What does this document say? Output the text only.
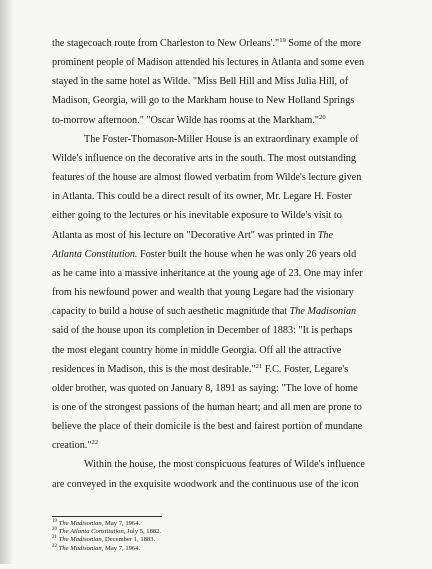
the stagecoach route from Charleston to New Orleans'."$^{19}$ Some of the more
prominent people of Madison attended his lectures in Atlanta and some even
stayed in the same hotel as Wilde. "Miss Bell Hill and Miss Julia Hill, of
Madison, Georgia, will go to the Markham house to New Holland Springs
to-morrow afternoon." "Oscar Wilde has rooms at the Markham."$^{20}$
The Foster-Thomason-Miller House is an extraordinary example of
Wilde's influence on the decorative arts in the south. The most outstanding
features of the house are almost flowed verbatim from Wilde's lecture given
in Atlanta. This could be a direct result of its owner, Mr. Legare H. Foster
either going to the lectures or his inevitable exposure to Wilde's visit to
Atlanta as most of his lecture on "Decorative Art" was printed in The
Atlanta Constitution. Foster built the house when he was only 26 years old
as he came into a massive inheritance at the young age of 23. One may infer
from his newfound power and wealth that young Legare had the visionary
capacity to build a house of such aesthetic magnitude that The Madisonian
said of the house upon its completion in December of 1883: "It is perhaps
the most elegant country home in middle Georgia. Off all the attractive
residences in Madison, this is the most desirable."$^{21}$ F.C. Foster, Legare's
older brother, was quoted on January 8, 1891 as saying: "The love of home
is one of the strongest passions of the human heart; and all men are prone to
believe the place of their domicile is the best and fairest portion of mundane
creation."$^{22}$
Within the house, the most conspicuous features of Wilde's influence
are conveyed in the exquisite woodwork and the continuous use of the icon
$^{19}$ The Madisonian, May 7, 1964.
$^{20}$ The Atlanta Constitution, July 5, 1882.
$^{21}$ The Madisonian, December 1, 1883.
$^{22}$ The Madisonian, May 7, 1964.
